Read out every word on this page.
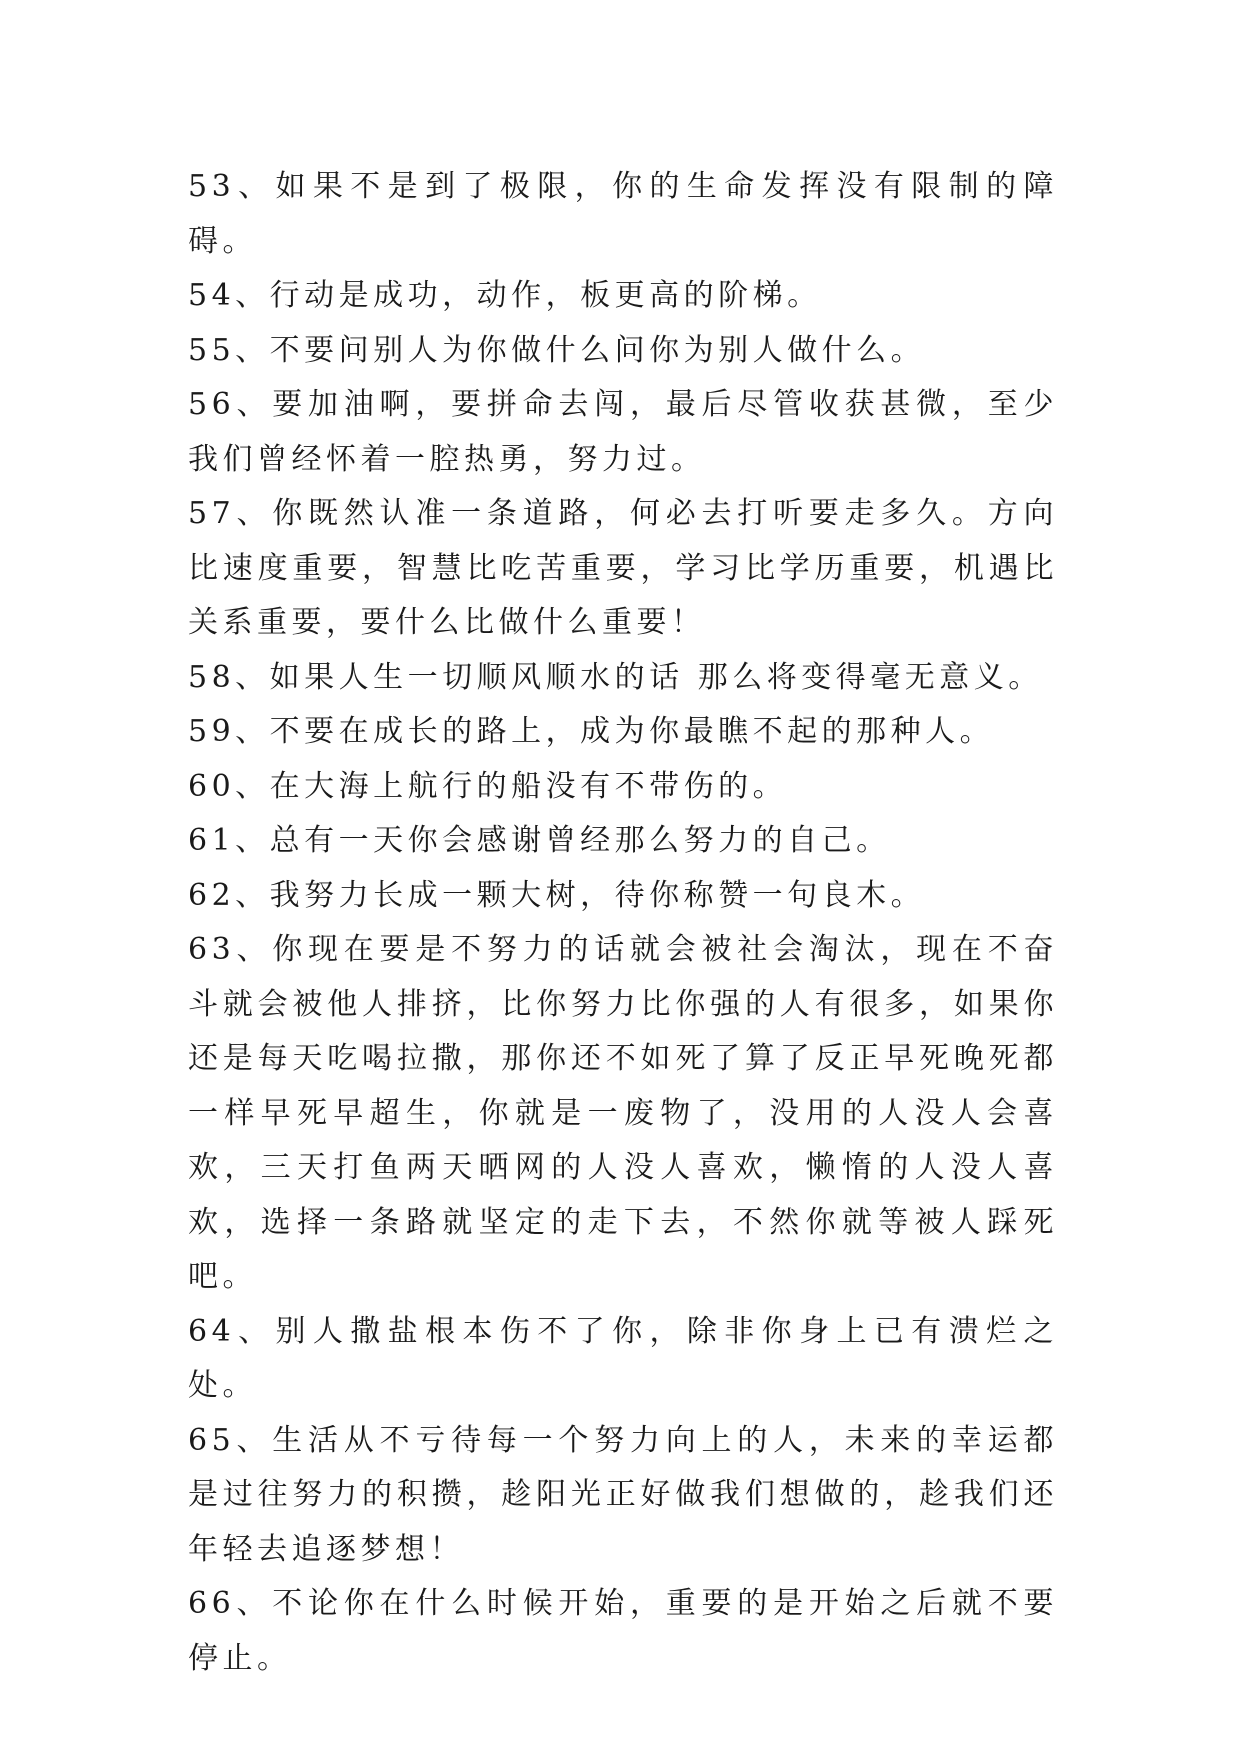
53、如果不是到了极限，你的生命发挥没有限制的障碍。

54、行动是成功，动作，板更高的阶梯。

55、不要问别人为你做什么问你为别人做什么。

56、要加油啊，要拼命去闯，最后尽管收获甚微，至少我们曾经怀着一腔热勇，努力过。

57、你既然认准一条道路，何必去打听要走多久。方向比速度重要，智慧比吃苦重要，学习比学历重要，机遇比关系重要，要什么比做什么重要！

58、如果人生一切顺风顺水的话 那么将变得毫无意义。

59、不要在成长的路上，成为你最瞧不起的那种人。

60、在大海上航行的船没有不带伤的。

61、总有一天你会感谢曾经那么努力的自己。

62、我努力长成一颗大树，待你称赞一句良木。

63、你现在要是不努力的话就会被社会淘汰，现在不奋斗就会被他人排挤，比你努力比你强的人有很多，如果你还是每天吃喝拉撒，那你还不如死了算了反正早死晚死都一样早死早超生，你就是一废物了，没用的人没人会喜欢，三天打鱼两天晒网的人没人喜欢，懒惰的人没人喜欢，选择一条路就坚定的走下去，不然你就等被人踩死吧。

64、别人撒盐根本伤不了你，除非你身上已有溃烂之处。

65、生活从不亏待每一个努力向上的人，未来的幸运都是过往努力的积攒，趁阳光正好做我们想做的，趁我们还年轻去追逐梦想！

66、不论你在什么时候开始，重要的是开始之后就不要停止。
